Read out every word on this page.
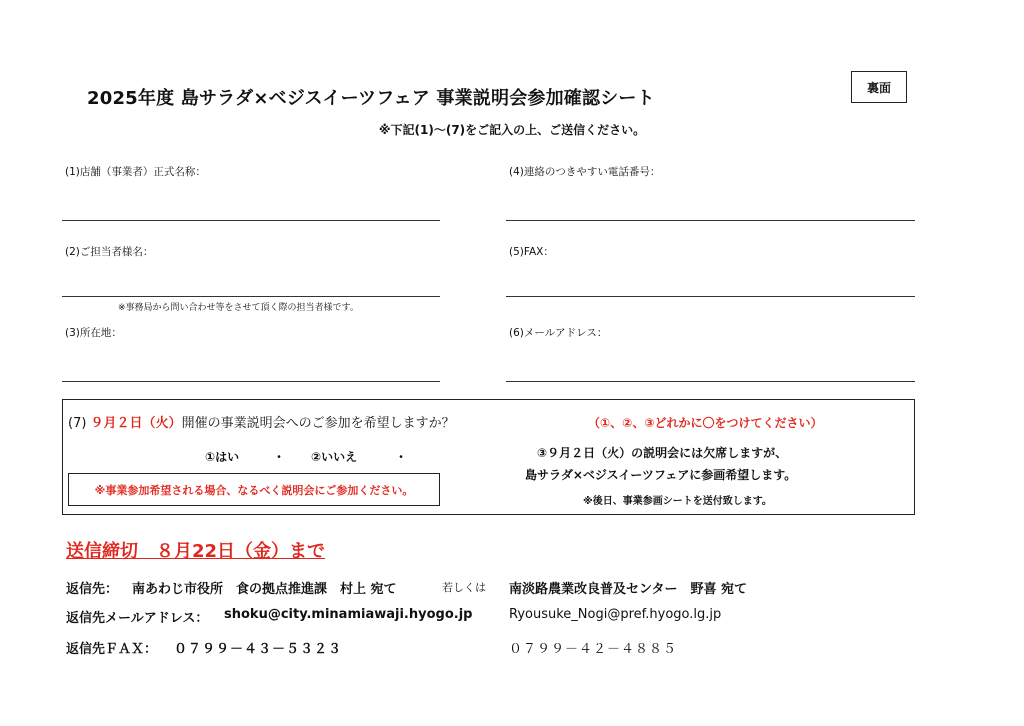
2025年度 島サラダ×ベジスイーツフェア 事業説明会参加確認シート
裏面
※下記(1)～(7)をご記入の上、ご送信ください。
(1)店舗（事業者）正式名称：
(2)ご担当者様名：
※事務局から問い合わせ等をさせて頂く際の担当者様です。
(3)所在地：
(4)連絡のつきやすい電話番号：
(5)FAX：
(6)メールアドレス：
(7) ９月２日（火）開催の事業説明会へのご参加を希望しますか？	（①、②、③どれかに〇をつけてください）
①はい	・ ②いいえ	・	③９月２日（火）の説明会には欠席しますが、
島サラダ×ベジスイーツフェアに参画希望します。
※後日、事業参画シートを送付致します。
※事業参加希望される場合、なるべく説明会にご参加ください。
送信締切　８月22日（金）まで
返信先： 南あわじ市役所　食の拠点推進課　村上 宛て	若しくは 南淡路農業改良普及センター　野喜 宛て
返信先メールアドレス： shoku@city.minamiawaji.hyogo.jp	Ryousuke_Nogi@pref.hyogo.lg.jp
返信先ＦＡＸ： ０７９９－４３－５３２３	０７９９－４２－４８８５
